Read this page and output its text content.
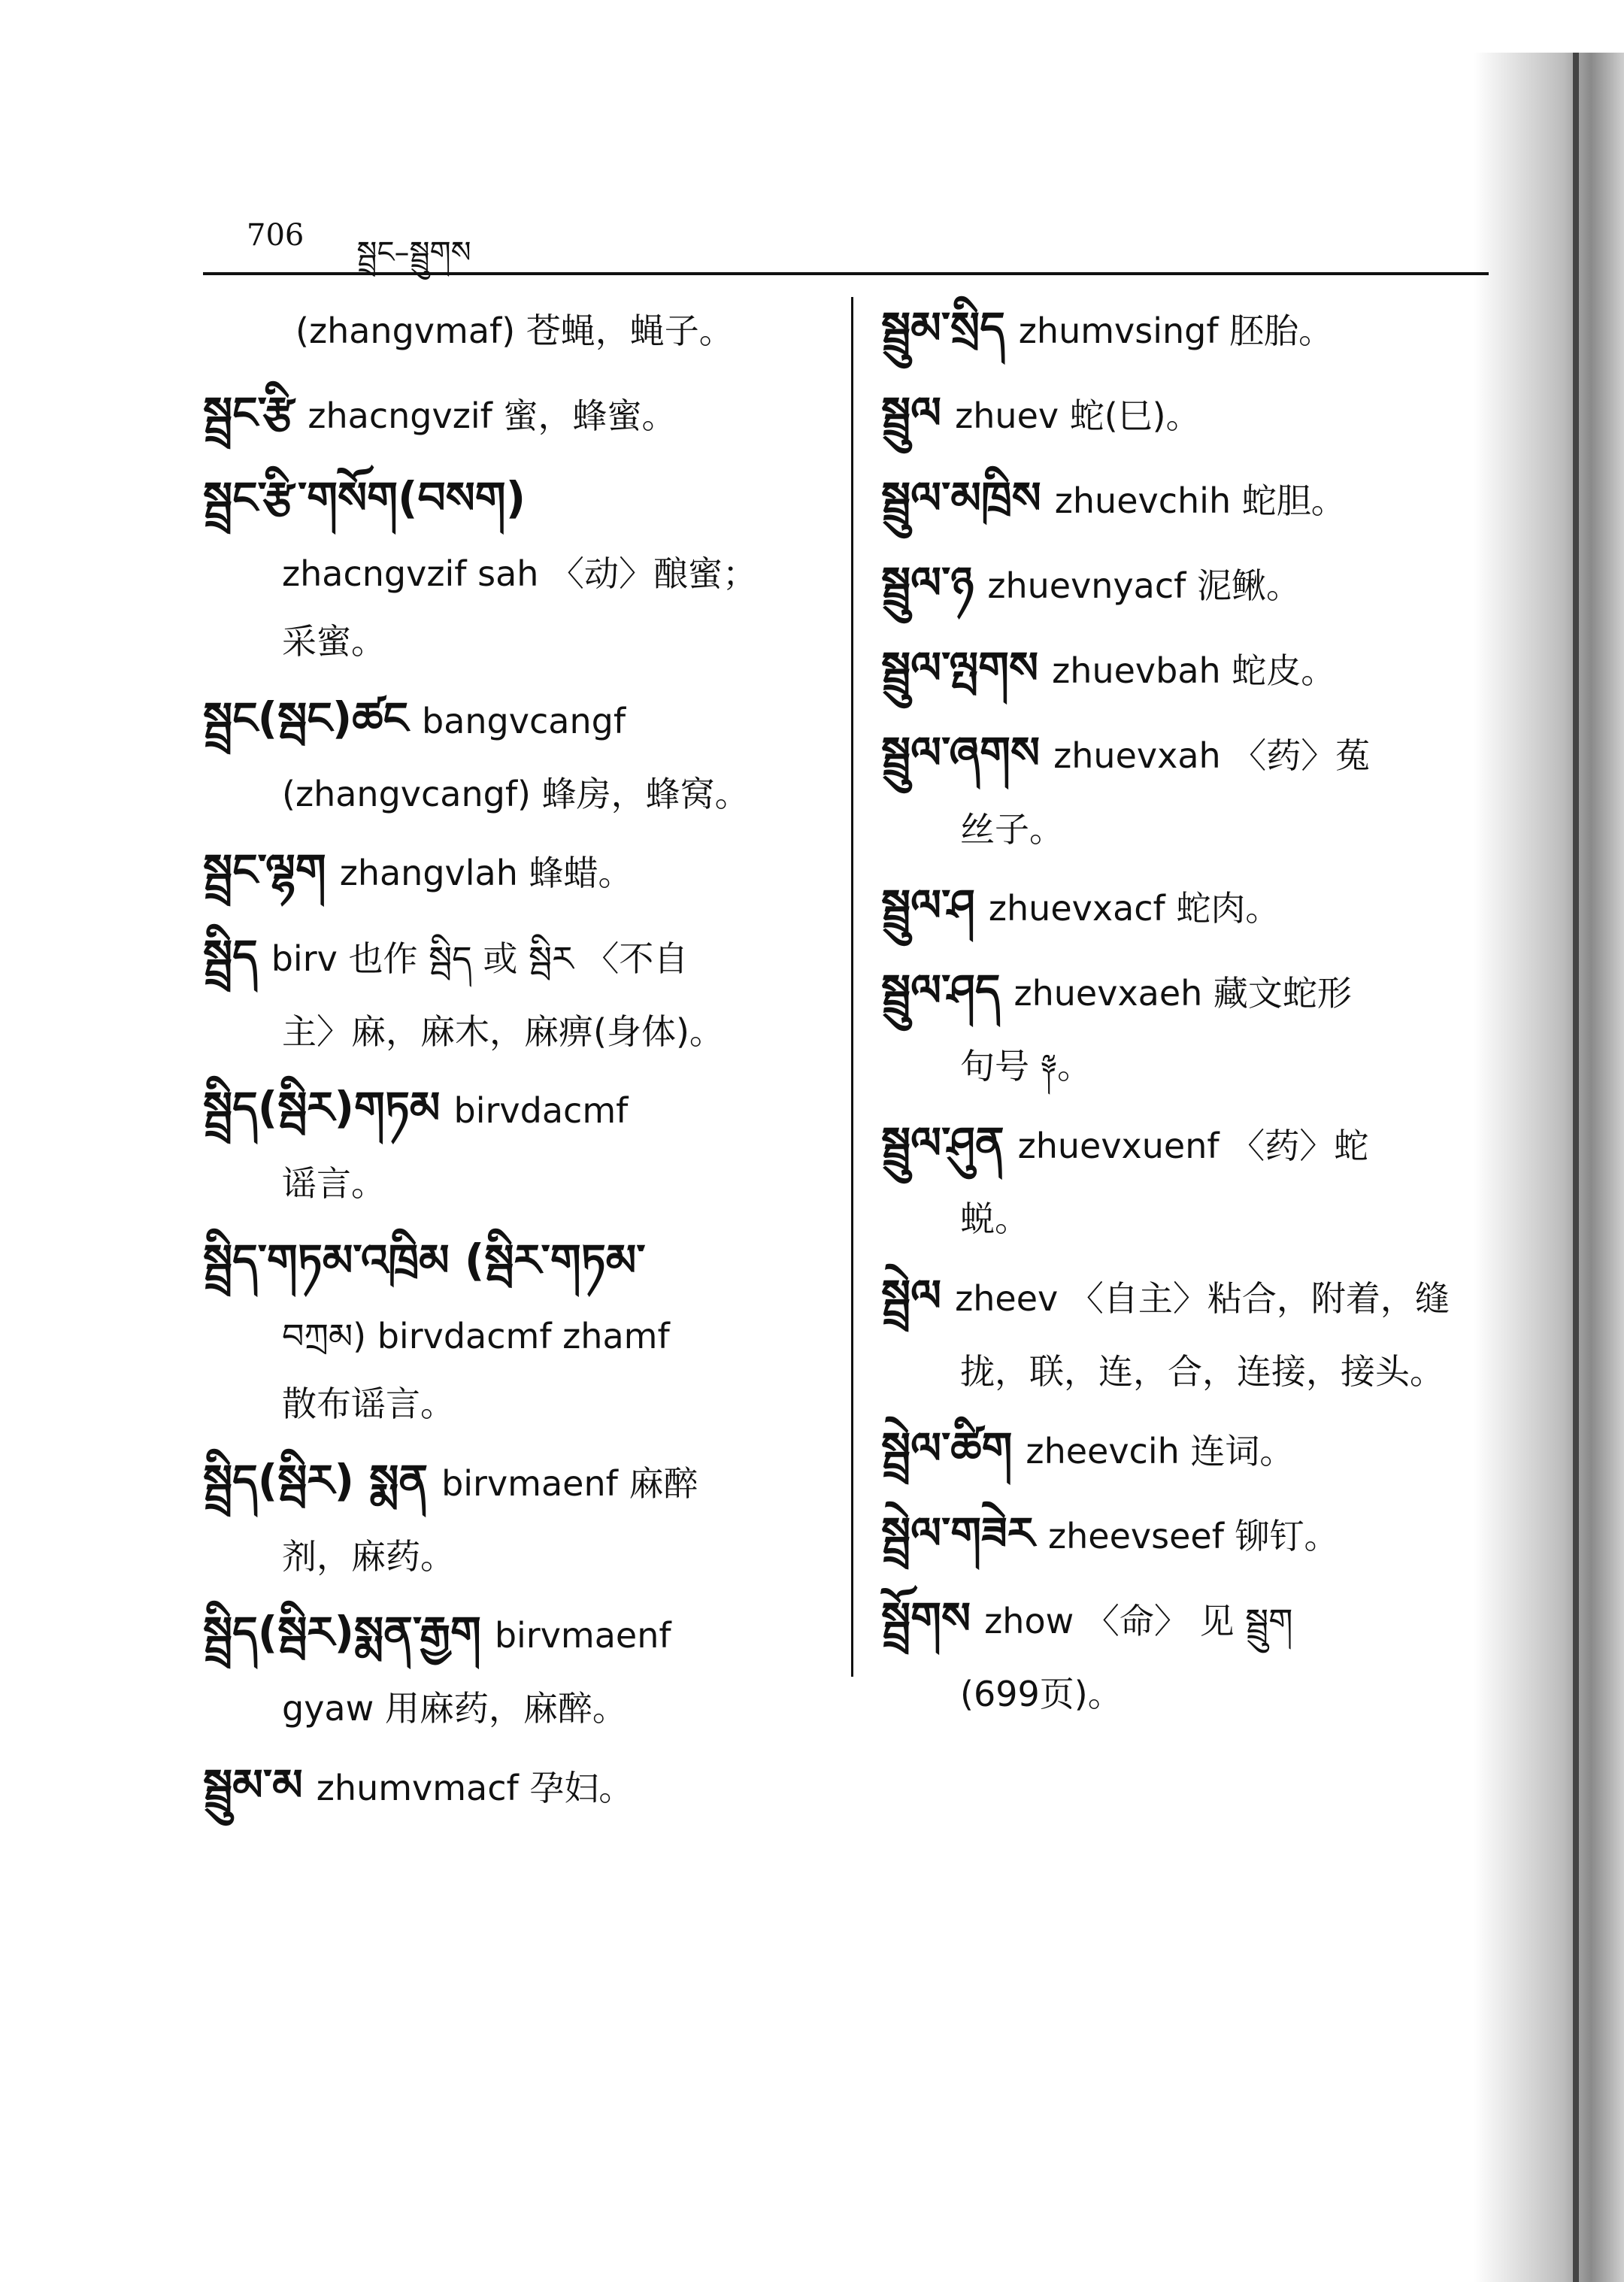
706 སྦྲང–སྦྲུགས

(zhangvmaf) 苍蝇，蝇子。

སྦྲང་རྩི zhacngvzif 蜜，蜂蜜。

སྦྲང་རྩི་གསོག(བསག)
zhacngvzif sah 〈动〉酿蜜；
采蜜。

སྦྲང(སྦང)ཚང bangvcangf
(zhangvcangf) 蜂房，蜂窝。

སྦྲང་ལྷག zhangvlah 蜂蜡。

སྦྲིད birv 也作 སྦིད 或 སྦིར 〈不自
主〉麻，麻木，麻痹(身体)。

སྦྲིད(སྦིར)གཏམ birvdacmf
谣言。

སྦྲིད་གཏམ་འཁྲིམ (སྦིར་གཏམ་
བཀྲམ) birvdacmf zhamf
散布谣言。

སྦྲིད(སྦིར) སྨན birvmaenf 麻醉
剂，麻药。

སྦྲིད(སྦིར)སྨན་རྒྱག birvmaenf
gyaw 用麻药，麻醉。

སྦྲུམ་མ zhumvmacf 孕妇。

སྦྲུམ་སྲིད zhumvsingf 胚胎。

སྦྲུལ zhuev 蛇(巳)。

སྦྲུལ་མཁྲིས zhuevchih 蛇胆。

སྦྲུལ་ཉ zhuevnyacf 泥鳅。

སྦྲུལ་ལྤགས zhuevbah 蛇皮。

སྦྲུལ་ཞགས zhuevxah 〈药〉菟
丝子。

སྦྲུལ་ཤ zhuevxacf 蛇肉。

སྦྲུལ་ཤད zhuevxaeh 藏文蛇形
句号 ༈。

སྦྲུལ་ཤུན zhuevxuenf 〈药〉蛇
蜕。

སྦྲེལ zheev 〈自主〉粘合，附着，缝
拢，联，连，合，连接，接头。

སྦྲེལ་ཚིག zheevcih 连词。

སྦྲེལ་གཟེར zheevseef 铆钉。

སྦྲོགས zhow 〈命〉 见 སྦྲུག
(699页)。
